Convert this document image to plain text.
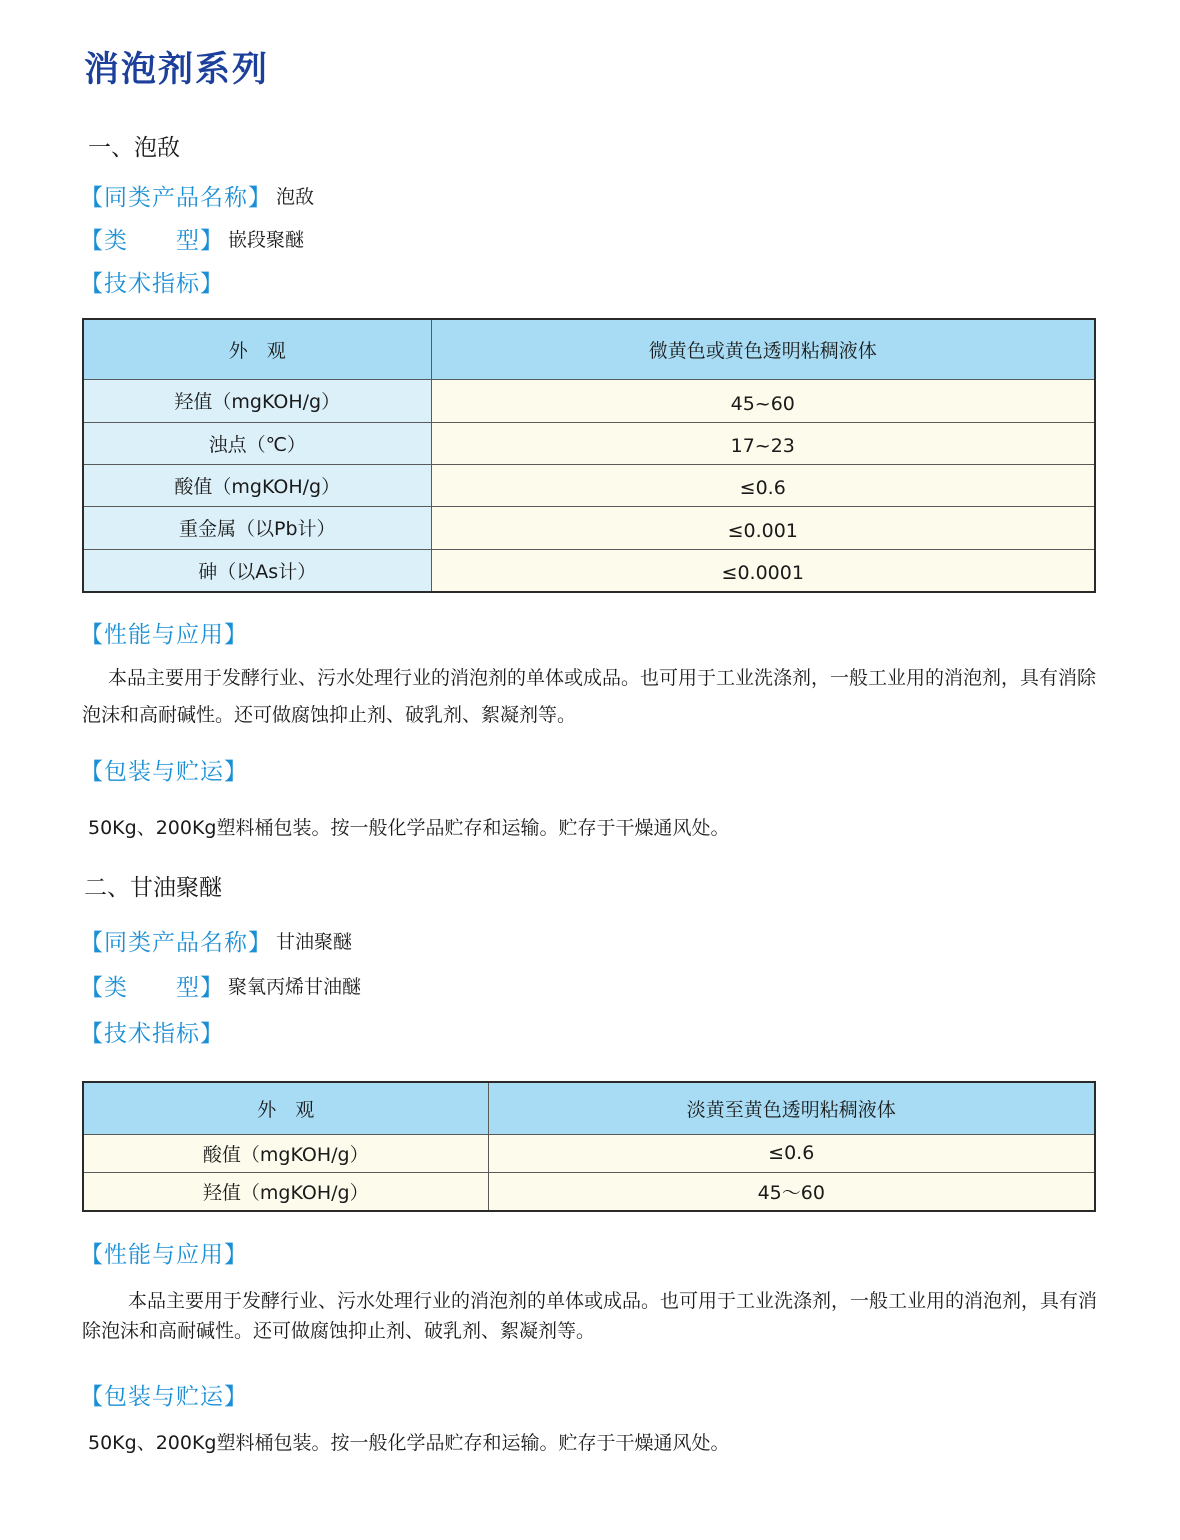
消泡剂系列
一、泡敌
【同类产品名称】 泡敌
【类　　型】 嵌段聚醚
【技术指标】
外　观	微黄色或黄色透明粘稠液体
羟值（mgKOH/g）	45~60
浊点（℃）	17~23
酸值（mgKOH/g）	≤0.6
重金属（以Pb计）	≤0.001
砷（以As计）	≤0.0001
【性能与应用】

本品主要用于发酵行业、污水处理行业的消泡剂的单体或成品。也可用于工业洗涤剂，一般工业用的消泡剂，具有消除泡沫和高耐碱性。还可做腐蚀抑止剂、破乳剂、絮凝剂等。

【包装与贮运】

50Kg、200Kg塑料桶包装。按一般化学品贮存和运输。贮存于干燥通风处。

二、甘油聚醚
【同类产品名称】 甘油聚醚
【类　　型】 聚氧丙烯甘油醚
【技术指标】
外　观	淡黄至黄色透明粘稠液体
酸值（mgKOH/g）	≤0.6
羟值（mgKOH/g）	45～60
【性能与应用】

本品主要用于发酵行业、污水处理行业的消泡剂的单体或成品。也可用于工业洗涤剂，一般工业用的消泡剂，具有消除泡沫和高耐碱性。还可做腐蚀抑止剂、破乳剂、絮凝剂等。

【包装与贮运】

50Kg、200Kg塑料桶包装。按一般化学品贮存和运输。贮存于干燥通风处。
